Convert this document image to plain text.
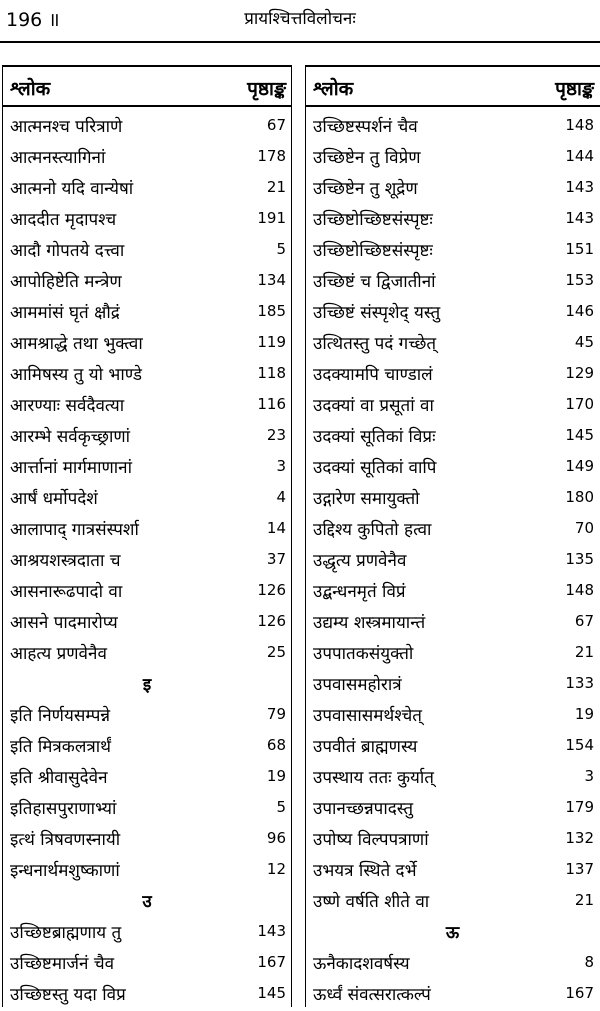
196 ॥	प्रायश्चित्तविलोचनः
श्लोक	पृष्ठाङ्क
आत्मनश्च परित्राणे	67
आत्मनस्त्यागिनां	178
आत्मनो यदि वान्येषां	21
आददीत मृदापश्च	191
आदौ गोपतये दत्त्वा	5
आपोहिष्टेति मन्त्रेण	134
आममांसं घृतं क्षौद्रं	185
आमश्राद्धे तथा भुक्त्वा	119
आमिषस्य तु यो भाण्डे	118
आरण्याः सर्वदैवत्या	116
आरम्भे सर्वकृच्छ्राणां	23
आर्त्तानां मार्गमाणानां	3
आर्षं धर्मोपदेशं	4
आलापाद् गात्रसंस्पर्शा	14
आश्रयशस्त्रदाता च	37
आसनारूढपादो वा	126
आसने पादमारोप्य	126
आहत्य प्रणवेनैव	25
इ
इति निर्णयसम्पन्ने	79
इति मित्रकलत्रार्थं	68
इति श्रीवासुदेवेन	19
इतिहासपुराणाभ्यां	5
इत्थं त्रिषवणस्नायी	96
इन्धनार्थमशुष्काणां	12
उ
उच्छिष्टब्राह्मणाय तु	143
उच्छिष्टमार्जनं चैव	167
उच्छिष्टस्तु यदा विप्र	145
श्लोक	पृष्ठाङ्क
उच्छिष्टस्पर्शनं चैव	148
उच्छिष्टेन तु विप्रेण	144
उच्छिष्टेन तु शूद्रेण	143
उच्छिष्टोच्छिष्टसंस्पृष्टः	143
उच्छिष्टोच्छिष्टसंस्पृष्टः	151
उच्छिष्टं च द्विजातीनां	153
उच्छिष्टं संस्पृशेद् यस्तु	146
उत्थितस्तु पदं गच्छेत्	45
उदक्यामपि चाण्डालं	129
उदक्यां वा प्रसूतां वा	170
उदक्यां सूतिकां विप्रः	145
उदक्यां सूतिकां वापि	149
उद्गारेण समायुक्तो	180
उद्दिश्य कुपितो हत्वा	70
उद्धृत्य प्रणवेनैव	135
उद्बन्धनमृतं विप्रं	148
उद्यम्य शस्त्रमायान्तं	67
उपपातकसंयुक्तो	21
उपवासमहोरात्रं	133
उपवासासमर्थश्चेत्	19
उपवीतं ब्राह्मणस्य	154
उपस्थाय ततः कुर्यात्	3
उपानच्छन्नपादस्तु	179
उपोष्य विल्पपत्राणां	132
उभयत्र स्थिते दर्भे	137
उष्णे वर्षति शीते वा	21
ऊ
ऊनैकादशवर्षस्य	8
ऊर्ध्वं संवत्सरात्कल्पं	167
